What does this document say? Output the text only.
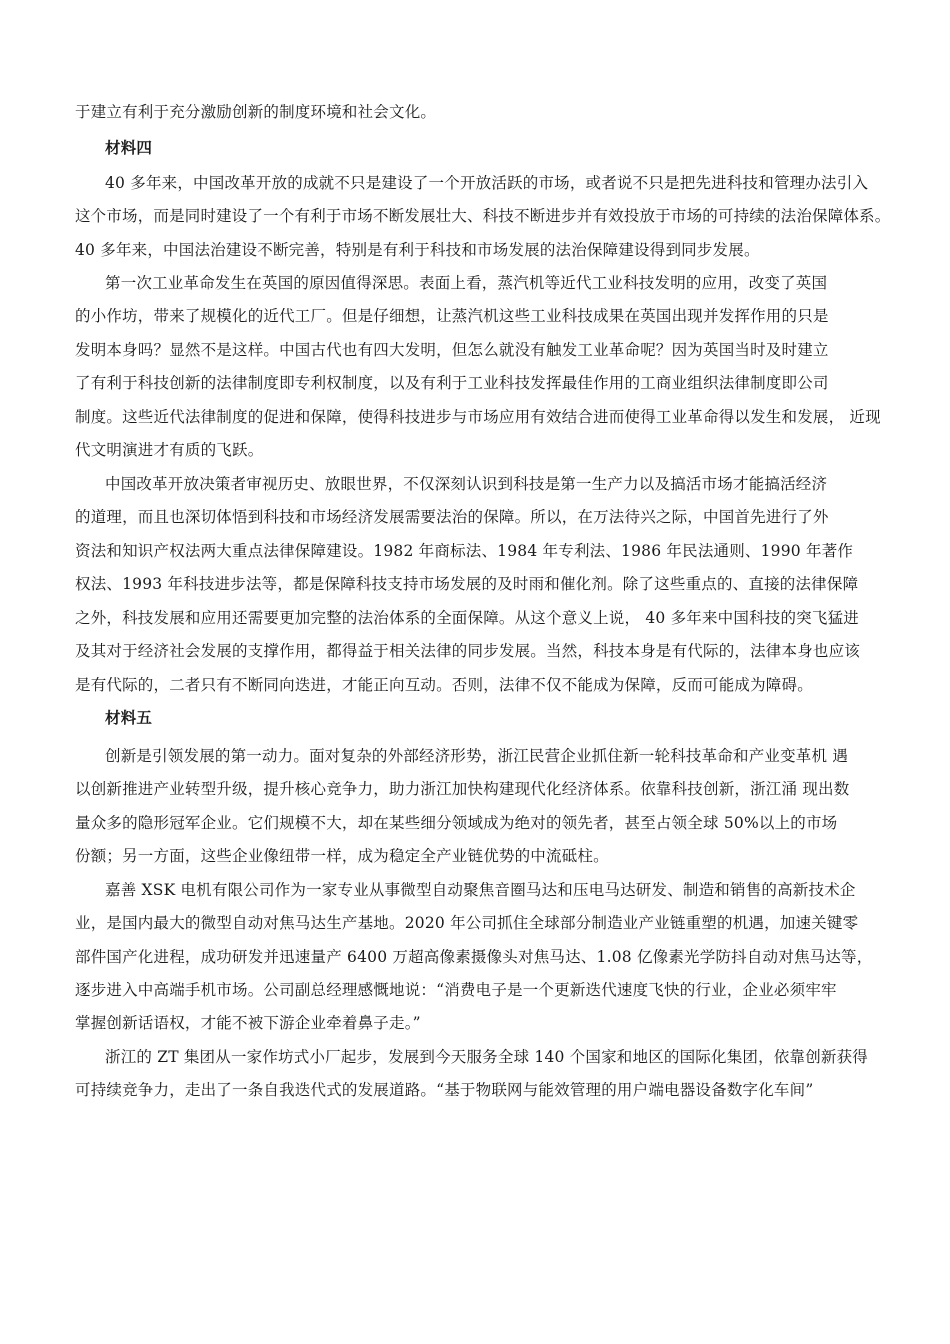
于建立有利于充分激励创新的制度环境和社会文化。
材料四
40 多年来，中国改革开放的成就不只是建设了一个开放活跃的市场，或者说不只是把先进科技和管理办法引入
这个市场，而是同时建设了一个有利于市场不断发展壮大、科技不断进步并有效投放于市场的可持续的法治保障体系。
40 多年来，中国法治建设不断完善，特别是有利于科技和市场发展的法治保障建设得到同步发展。
第一次工业革命发生在英国的原因值得深思。表面上看，蒸汽机等近代工业科技发明的应用，改变了英国
的小作坊，带来了规模化的近代工厂。但是仔细想，让蒸汽机这些工业科技成果在英国出现并发挥作用的只是
发明本身吗？显然不是这样。中国古代也有四大发明，但怎么就没有触发工业革命呢？因为英国当时及时建立
了有利于科技创新的法律制度即专利权制度，以及有利于工业科技发挥最佳作用的工商业组织法律制度即公司
制度。这些近代法律制度的促进和保障，使得科技进步与市场应用有效结合进而使得工业革命得以发生和发展， 近现
代文明演进才有质的飞跃。
中国改革开放决策者审视历史、放眼世界，不仅深刻认识到科技是第一生产力以及搞活市场才能搞活经济
的道理，而且也深切体悟到科技和市场经济发展需要法治的保障。所以，在万法待兴之际，中国首先进行了外
资法和知识产权法两大重点法律保障建设。1982 年商标法、1984 年专利法、1986 年民法通则、1990 年著作
权法、1993 年科技进步法等，都是保障科技支持市场发展的及时雨和催化剂。除了这些重点的、直接的法律保障
之外，科技发展和应用还需要更加完整的法治体系的全面保障。从这个意义上说， 40 多年来中国科技的突飞猛进
及其对于经济社会发展的支撑作用，都得益于相关法律的同步发展。当然，科技本身是有代际的，法律本身也应该
是有代际的，二者只有不断同向迭进，才能正向互动。否则，法律不仅不能成为保障，反而可能成为障碍。
材料五
创新是引领发展的第一动力。面对复杂的外部经济形势，浙江民营企业抓住新一轮科技革命和产业变革机 遇
以创新推进产业转型升级，提升核心竞争力，助力浙江加快构建现代化经济体系。依靠科技创新，浙江涌 现出数
量众多的隐形冠军企业。它们规模不大，却在某些细分领域成为绝对的领先者，甚至占领全球 50%以上的市场
份额；另一方面，这些企业像纽带一样，成为稳定全产业链优势的中流砥柱。
嘉善 XSK 电机有限公司作为一家专业从事微型自动聚焦音圈马达和压电马达研发、制造和销售的高新技术企
业，是国内最大的微型自动对焦马达生产基地。2020 年公司抓住全球部分制造业产业链重塑的机遇，加速关键零
部件国产化进程，成功研发并迅速量产 6400 万超高像素摄像头对焦马达、1.08 亿像素光学防抖自动对焦马达等，
逐步进入中高端手机市场。公司副总经理感慨地说：“消费电子是一个更新迭代速度飞快的行业，企业必须牢牢
掌握创新话语权，才能不被下游企业牵着鼻子走。”
浙江的 ZT 集团从一家作坊式小厂起步，发展到今天服务全球 140 个国家和地区的国际化集团，依靠创新获得
可持续竞争力，走出了一条自我迭代式的发展道路。“基于物联网与能效管理的用户端电器设备数字化车间”
